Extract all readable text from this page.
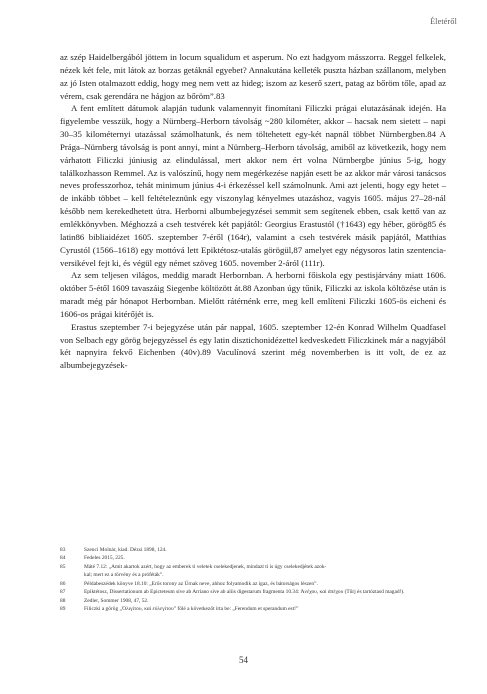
Életéről

az szép Haidelbergából jöttem in locum squalidum et asperum. No ezt hadgyom másszorra. Reggel felkelek, nézek két fele, mit látok az borzas getáknál egyebet? Annakutána kelleték puszta házban szállanom, melyben az jó Isten otalmazott eddig, hogy meg nem vett az hideg; iszom az keserő szert, patag az bőröm tőle, apad az vérem, csak gerendára ne hágjon az bőröm”.83

A fent említett dátumok alapján tudunk valamennyit finomítani Filiczki prágai elutazásának idején. Ha figyelembe vesszük, hogy a Nürnberg–Herborn távolság ~280 kilométer, akkor – hacsak nem sietett – napi 30–35 kilométernyi utazással számolhatunk, és nem töltehetett egy-két napnál többet Nürnbergben.84 A Prága–Nürnberg távolság is pont annyi, mint a Nürnberg–Herborn távolság, amiből az következik, hogy nem várhatott Filiczki júniusig az elindulással, mert akkor nem ért volna Nürnbergbe június 5-ig, hogy találkozhasson Remmel. Az is valószínű, hogy nem megérkezése napján esett be az akkor már városi tanácsos neves professzorhoz, tehát minimum június 4-i érkezéssel kell számolnunk. Ami azt jelenti, hogy egy hetet – de inkább többet – kell feltételeznünk egy viszonylag kényelmes utazáshoz, vagyis 1605. május 27–28-nál később nem kerekedhetett útra. Herborni albumbejegyzései semmit sem segítenek ebben, csak kettő van az emlékkönyvben. Méghozzá a cseh testvérek két papjától: Georgius Erastustól (†1643) egy héber, görög85 és latin86 bibliaidézet 1605. szeptember 7-éről (164r), valamint a cseh testvérek másik papjától, Matthias Cyrustól (1566–1618) egy mottóvá lett Epiktétosz-utalás görögül,87 amelyet egy négysoros latin szentencia-versikével fejt ki, és végül egy német szöveg 1605. november 2-áról (111r).

Az sem teljesen világos, meddig maradt Herbornban. A herborni főiskola egy pestisjárvány miatt 1606. október 5-étől 1609 tavaszáig Siegenbe költözött át.88 Azonban úgy tűnik, Filiczki az iskola költözése után is maradt még pár hónapot Herbornban. Mielőtt rátérnénk erre, meg kell említeni Filiczki 1605-ös eicheni és 1606-os prágai kitérőjét is.

Erastus szeptember 7-i bejegyzése után pár nappal, 1605. szeptember 12-én Konrad Wilhelm Quadfasel von Selbach egy görög bejegyzéssel és egy latin disztichonidézettel kedveskedett Filiczkinek már a nagyjából két napnyira fekvő Eichenben (40v).89 Vaculínová szerint még novemberben is itt volt, de ez az albumbejegyzések-

83	Szenci Molnár, kiad. Dézsi 1898, 124.
84	Fedeles 2015, 225.
85	Máté 7.12: „Amit akartok azért, hogy az emberek ti veletek cselekedjenek, mindazt ti is úgy cselekedjétek azok-
kal; mert ez a törvény és a próféták”.
86	Példabeszédek könyve 18.10: „Erős torony az Úrnak neve, ahhoz folyamodik az igaz, és bátorságos lészen”.
87	Epiktétosz, Dissertationum ab Epicteteum sive ab Arriano sive ab aliis digestarum fragmenta 10.34: Ἀνέχου, καὶ ἀπέχου (Tűrj és tartóztasd magad!).
88	Zedler, Sommer 1908, 47, 52.
89	Filiczki a görög „Ὀλιγίτου, καὶ εὐλεγίτου” fölé a következőt írta be: „Ferendum et sperandum est!”
54
